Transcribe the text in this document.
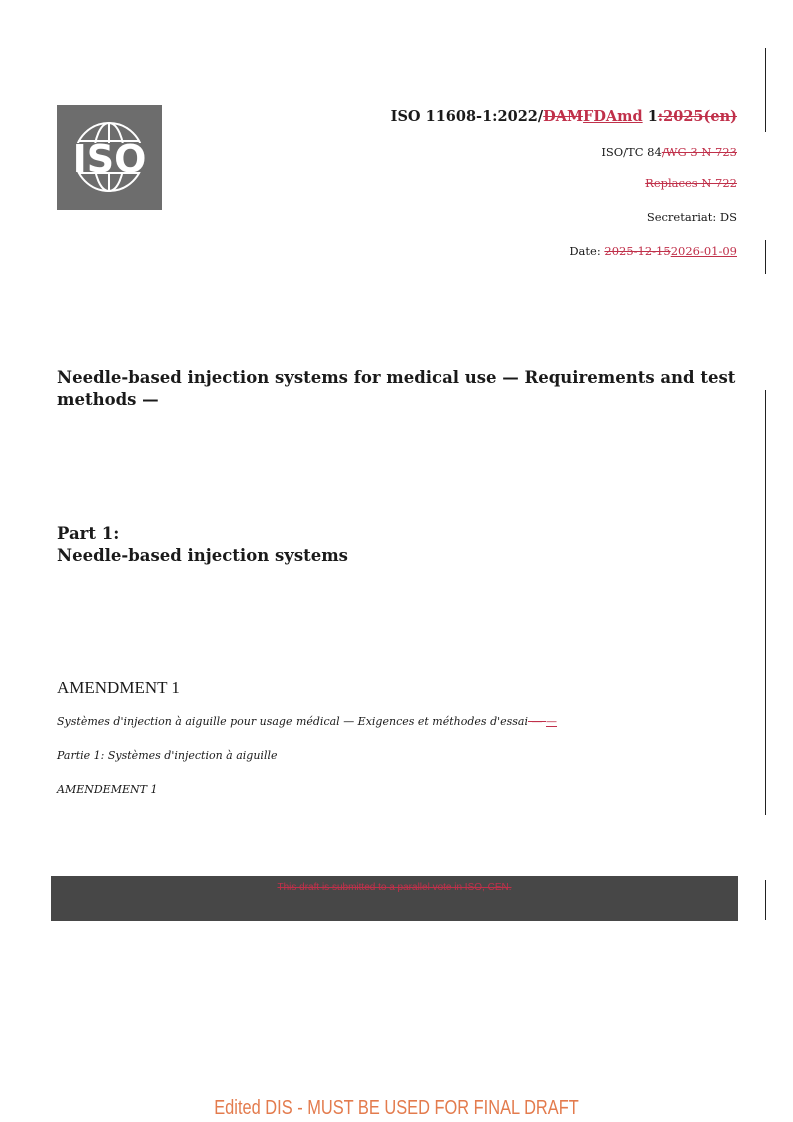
ISO
ISO 11608-1:2022/DAMFDAmd 1:2025(en)
ISO/TC 84/WG 3 N 723
Replaces N 722
Secretariat: DS
Date: 2025-12-152026-01-09
Needle-based injection systems for medical use — Requirements and test methods —
Part 1:
Needle-based injection systems
AMENDMENT 1
Systèmes d'injection à aiguille pour usage médical — Exigences et méthodes d'essai — —
Partie 1: Systèmes d'injection à aiguille
AMENDEMENT 1
This draft is submitted to a parallel vote in ISO, CEN.
Edited DIS - MUST BE USED FOR FINAL DRAFT
